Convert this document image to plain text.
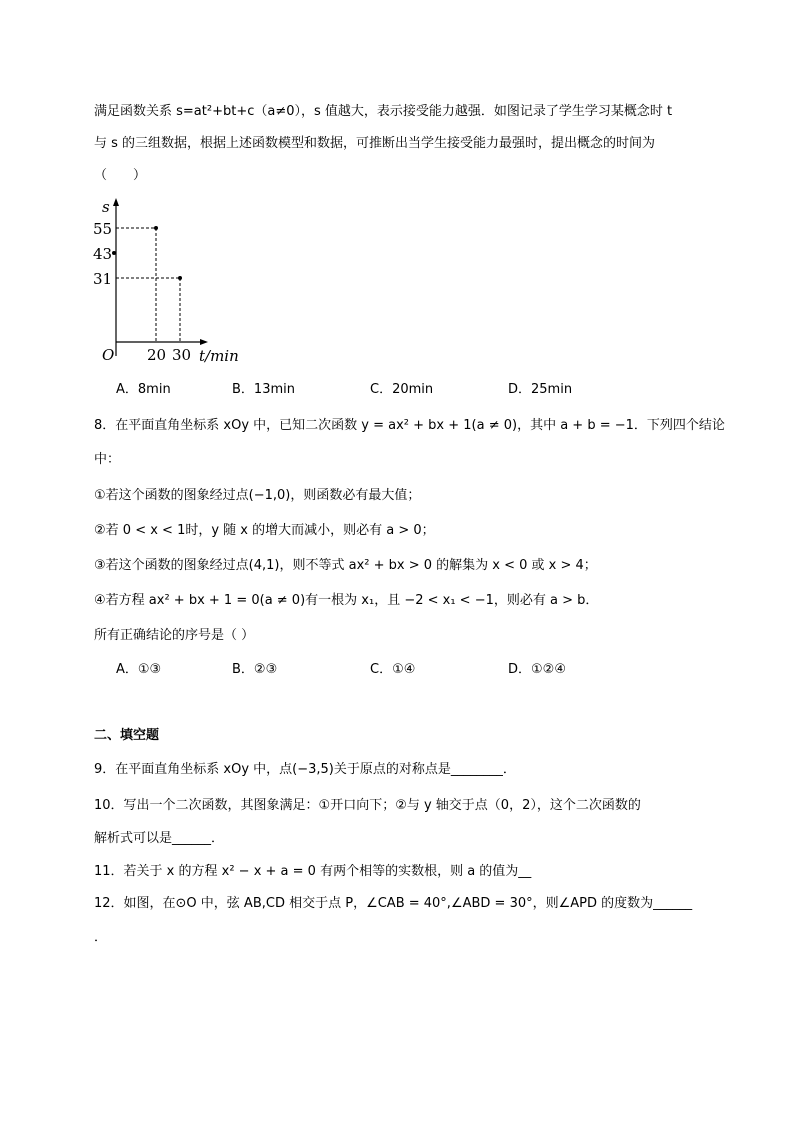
满足函数关系 s=at²+bt+c（a≠0），s 值越大，表示接受能力越强．如图记录了学生学习某概念时 t
与 s 的三组数据，根据上述函数模型和数据，可推断出当学生接受能力最强时，提出概念的时间为
（　　）
s
55
43
31
O 20 30 t/min
A．8min	B．13min	C．20min	D．25min
8．在平面直角坐标系 xOy 中，已知二次函数 y = ax² + bx + 1(a ≠ 0)，其中 a + b = −1．下列四个结论
中：
①若这个函数的图象经过点(−1,0)，则函数必有最大值；
②若 0 < x < 1时，y 随 x 的增大而减小，则必有 a > 0；
③若这个函数的图象经过点(4,1)，则不等式 ax² + bx > 0 的解集为 x < 0 或 x > 4；
④若方程 ax² + bx + 1 = 0(a ≠ 0)有一根为 x₁，且 −2 < x₁ < −1，则必有 a > b．
所有正确结论的序号是（ ）
A．①③	B．②③	C．①④	D．①②④
二、填空题
9．在平面直角坐标系 xOy 中，点(−3,5)关于原点的对称点是________．
10．写出一个二次函数，其图象满足：①开口向下；②与 y 轴交于点（0，2），这个二次函数的
解析式可以是______．
11．若关于 x 的方程 x² − x + a = 0 有两个相等的实数根，则 a 的值为__
12．如图，在⊙O 中，弦 AB,CD 相交于点 P，∠CAB = 40°,∠ABD = 30°，则∠APD 的度数为______
．
